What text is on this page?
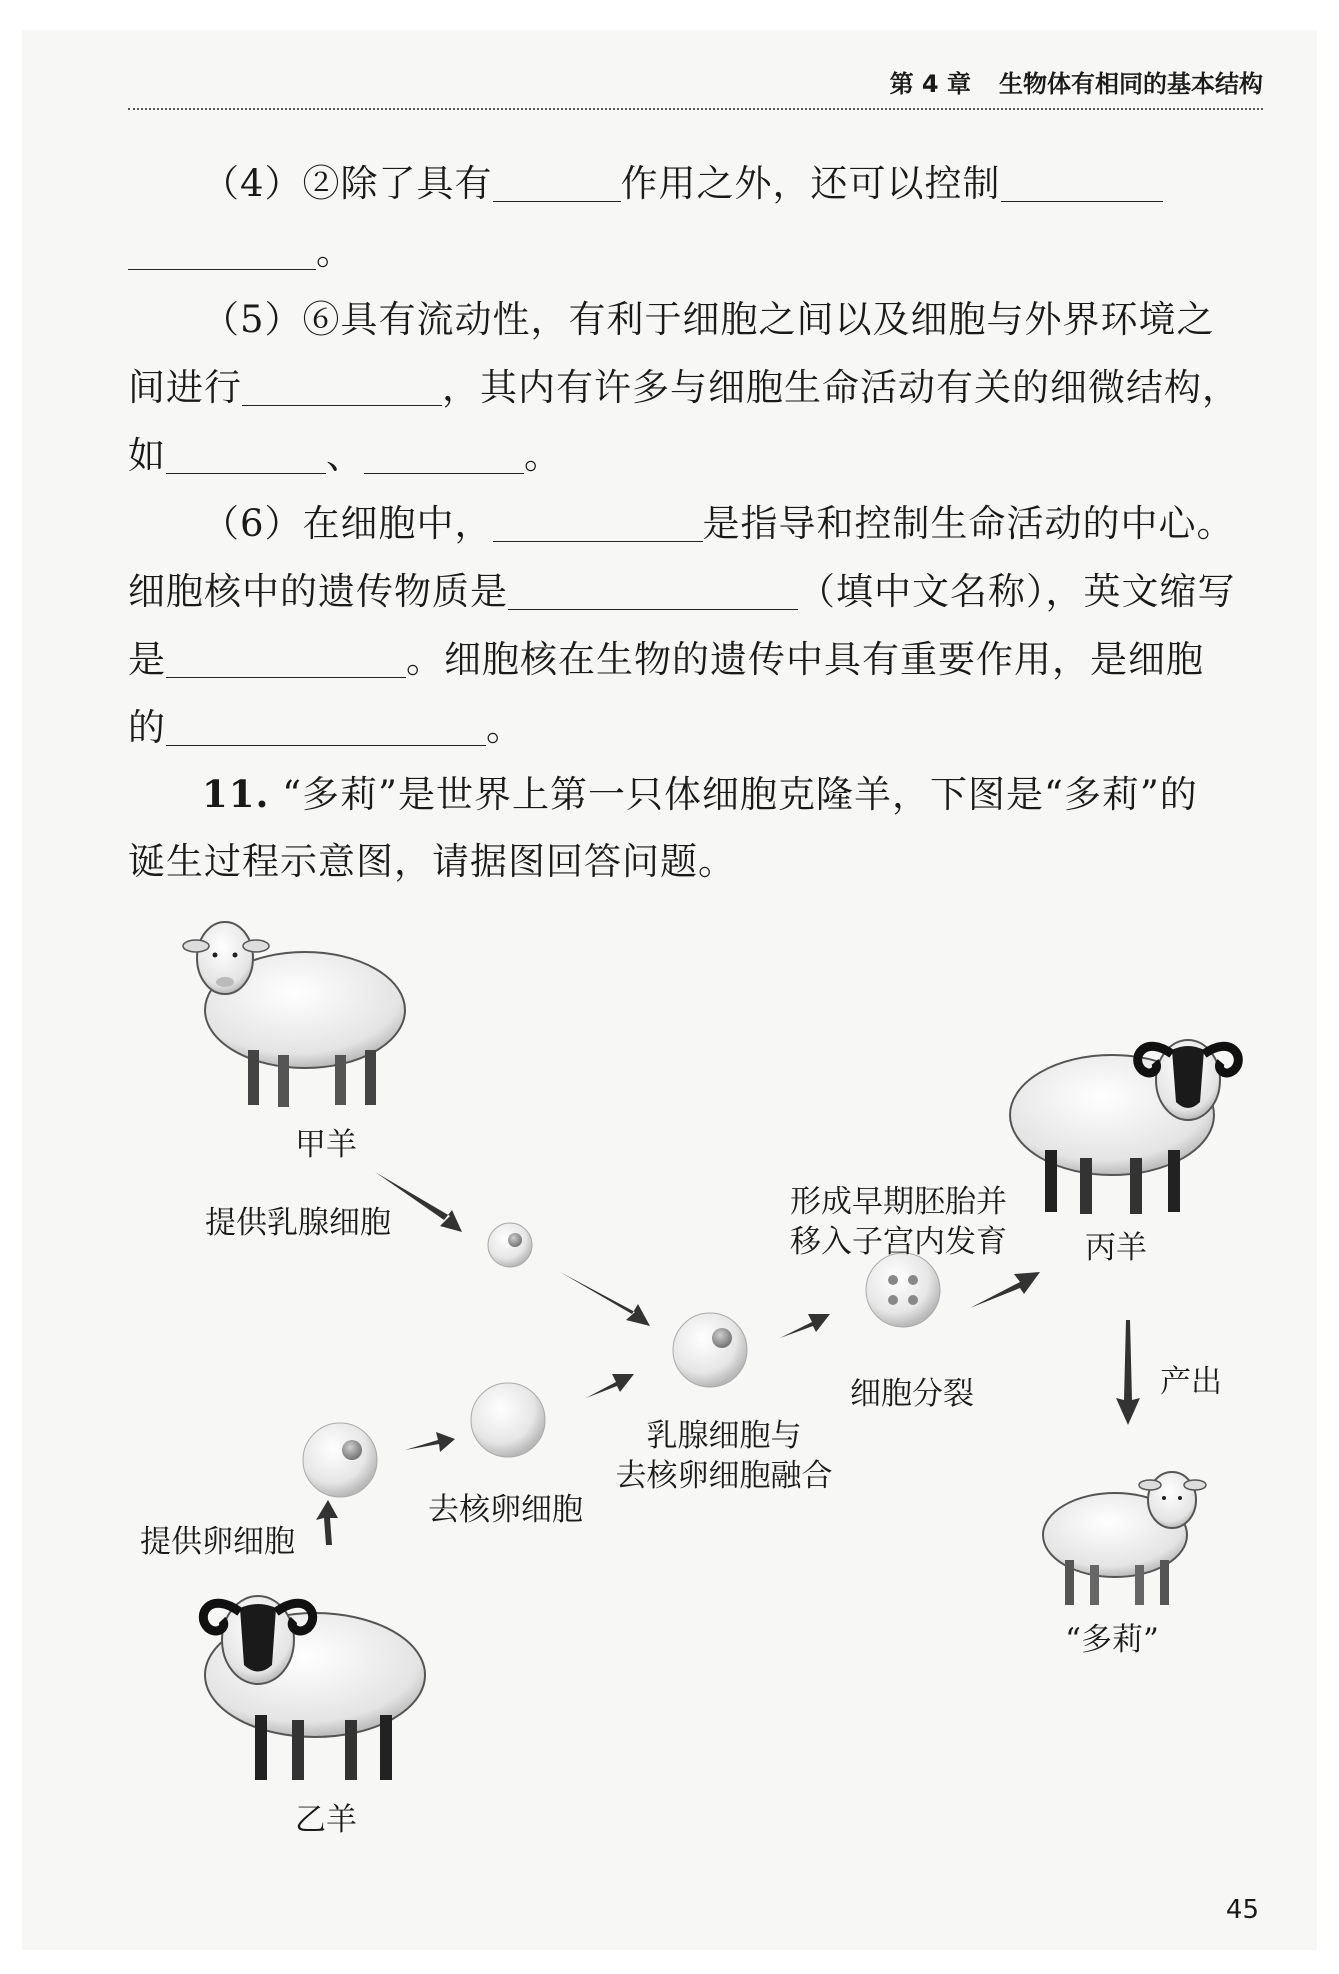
第 4 章 生物体有相同的基本结构

（4）②除了具有	作用之外，还可以控制

。

（5）⑥具有流动性，有利于细胞之间以及细胞与外界环境之

间进行	，其内有许多与细胞生命活动有关的细微结构，

如	、	。

（6）在细胞中，	是指导和控制生命活动的中心。

细胞核中的遗传物质是	（填中文名称），英文缩写

是	。细胞核在生物的遗传中具有重要作用，是细胞

的	。

11. “多莉”是世界上第一只体细胞克隆羊，下图是“多莉”的

诞生过程示意图，请据图回答问题。

甲羊
提供乳腺细胞
形成早期胚胎并
移入子宫内发育	丙羊
细胞分裂	产出
乳腺细胞与
去核卵细胞融合
去核卵细胞
提供卵细胞
“多莉”
乙羊
45
